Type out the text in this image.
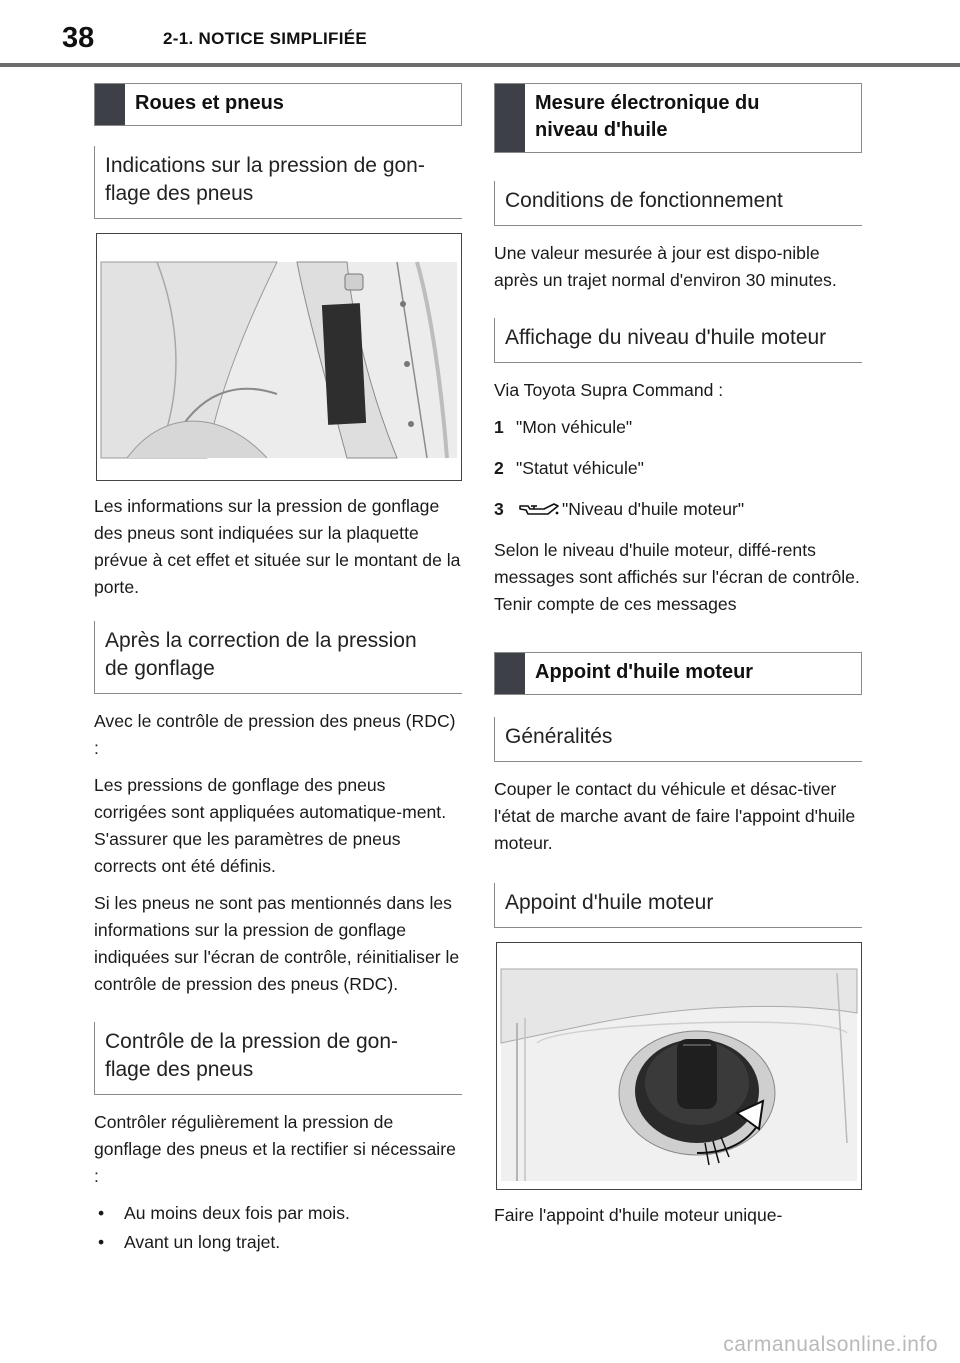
38	2-1. NOTICE SIMPLIFIÉE
Roues et pneus
Indications sur la pression de gon-
flage des pneus

Les informations sur la pression de gonflage des pneus sont indiquées sur la plaquette prévue à cet effet et située sur le montant de la porte.

Après la correction de la pression
de gonflage

Avec le contrôle de pression des pneus (RDC) :

Les pressions de gonflage des pneus corrigées sont appliquées automatique-ment. S'assurer que les paramètres de pneus corrects ont été définis.

Si les pneus ne sont pas mentionnés dans les informations sur la pression de gonflage indiquées sur l'écran de contrôle, réinitialiser le contrôle de pression des pneus (RDC).

Contrôle de la pression de gon-
flage des pneus

Contrôler régulièrement la pression de gonflage des pneus et la rectifier si nécessaire :

•	Au moins deux fois par mois.
•	Avant un long trajet.
Mesure électronique du
niveau d'huile
Conditions de fonctionnement

Une valeur mesurée à jour est dispo-nible après un trajet normal d'environ 30 minutes.

Affichage du niveau d'huile moteur

Via Toyota Supra Command :

1 "Mon véhicule"
2 "Statut véhicule"
3	"Niveau d'huile moteur"

Selon le niveau d'huile moteur, diffé-rents messages sont affichés sur l'écran de contrôle. Tenir compte de ces messages

Appoint d'huile moteur
Généralités

Couper le contact du véhicule et désac-tiver l'état de marche avant de faire l'appoint d'huile moteur.

Appoint d'huile moteur

Faire l'appoint d'huile moteur unique-

carmanualsonline.info
